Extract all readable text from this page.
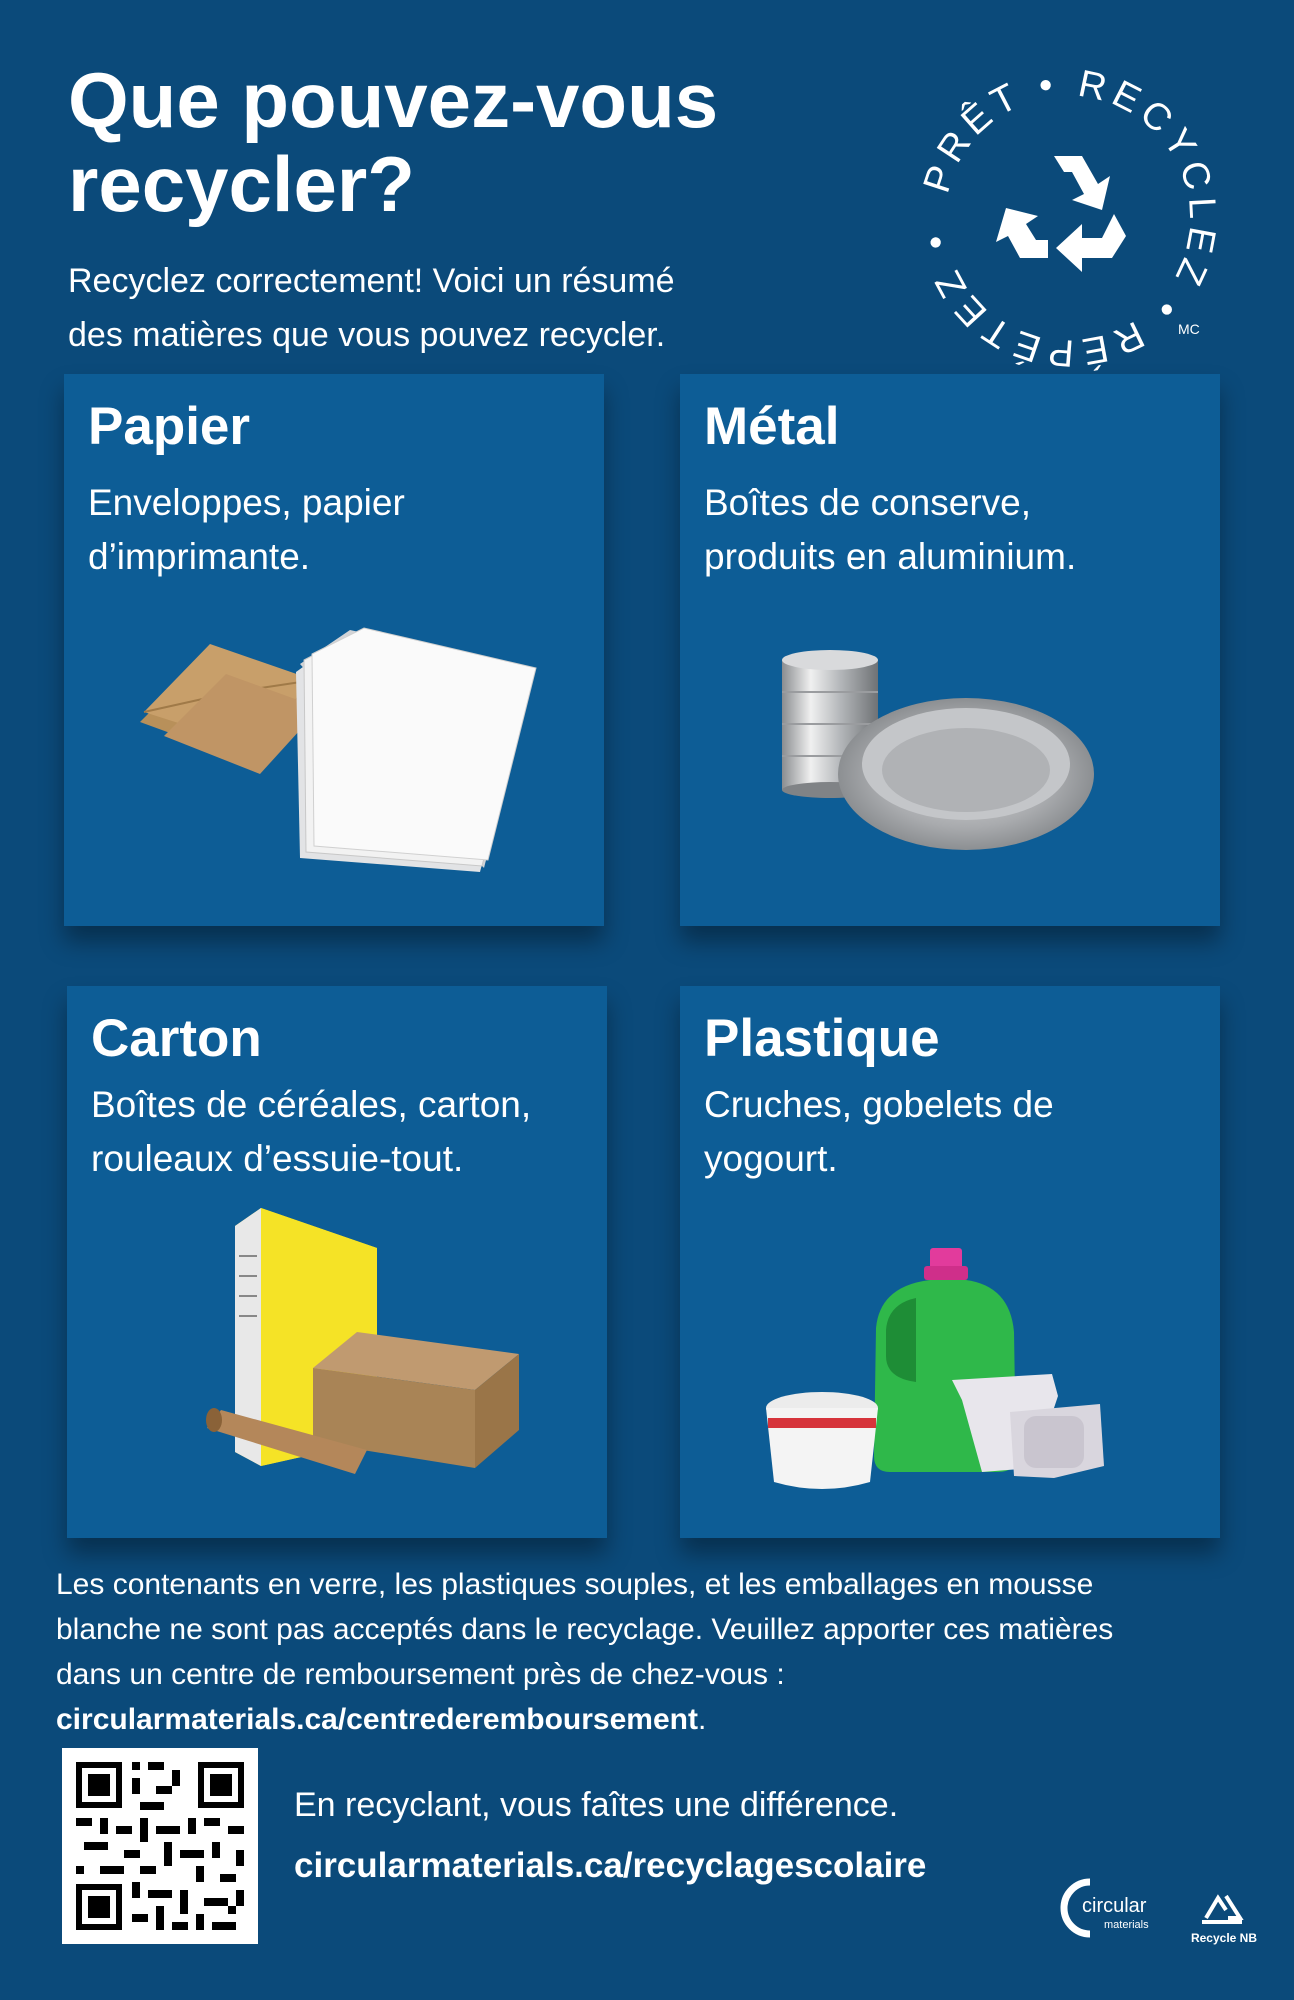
Que pouvez-vous
recycler?
Recyclez correctement! Voici un résumé
des matières que vous pouvez recycler.
PRÊT • RECYCLEZ • RÉPÉTEZ •
MC
Papier
Enveloppes, papier
d’imprimante.
Métal
Boîtes de conserve,
produits en aluminium.
Carton
Boîtes de céréales, carton,
rouleaux d’essuie-tout.
Plastique
Cruches, gobelets de
yogourt.
Les contenants en verre, les plastiques souples, et les emballages en mousse
blanche ne sont pas acceptés dans le recyclage. Veuillez apporter ces matières
dans un centre de remboursement près de chez-vous :
circularmaterials.ca/centrederemboursement.
En recyclant, vous faîtes une différence.
circularmaterials.ca/recyclagescolaire
circular
materials
Recycle NB
